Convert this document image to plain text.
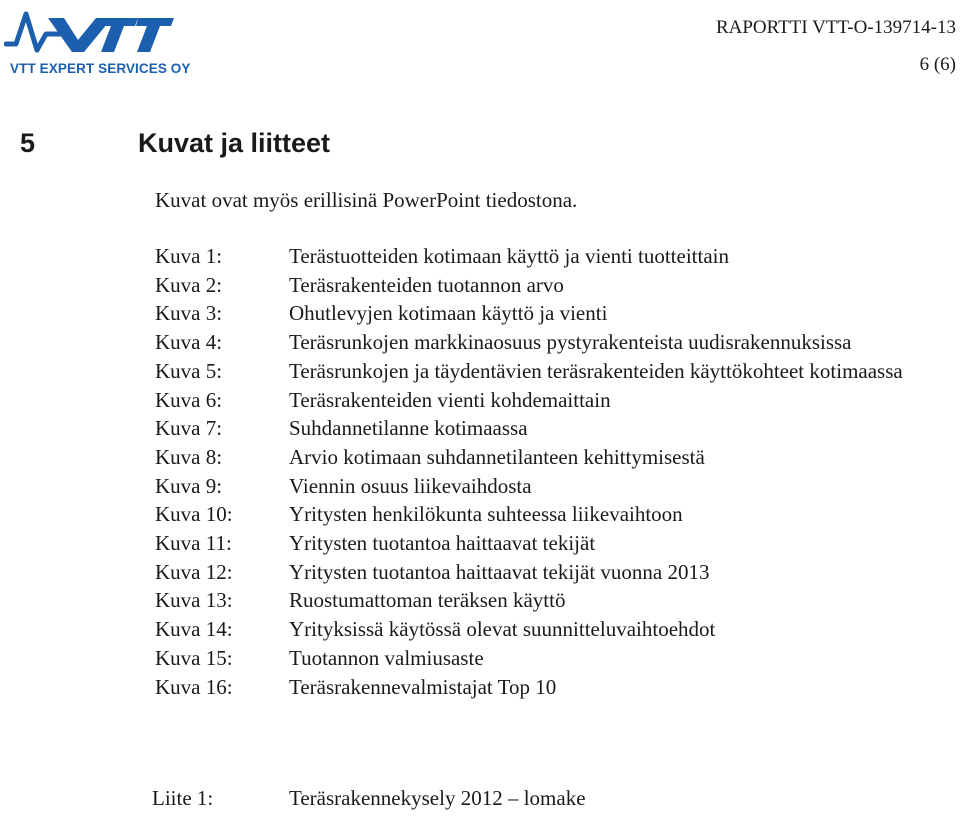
VTT EXPERT SERVICES OY
RAPORTTI VTT-O-139714-13
6 (6)
5	Kuvat ja liitteet
Kuvat ovat myös erillisinä PowerPoint tiedostona.
Kuva 1:	Terästuotteiden kotimaan käyttö ja vienti tuotteittain
Kuva 2:	Teräsrakenteiden tuotannon arvo
Kuva 3:	Ohutlevyjen kotimaan käyttö ja vienti
Kuva 4:	Teräsrunkojen markkinaosuus pystyrakenteista uudisrakennuksissa
Kuva 5:	Teräsrunkojen ja täydentävien teräsrakenteiden käyttökohteet kotimaassa
Kuva 6:	Teräsrakenteiden vienti kohdemaittain
Kuva 7:	Suhdannetilanne kotimaassa
Kuva 8:	Arvio kotimaan suhdannetilanteen kehittymisestä
Kuva 9:	Viennin osuus liikevaihdosta
Kuva 10:	Yritysten henkilökunta suhteessa liikevaihtoon
Kuva 11:	Yritysten tuotantoa haittaavat tekijät
Kuva 12:	Yritysten tuotantoa haittaavat tekijät vuonna 2013
Kuva 13:	Ruostumattoman teräksen käyttö
Kuva 14:	Yrityksissä käytössä olevat suunnitteluvaihtoehdot
Kuva 15:	Tuotannon valmiusaste
Kuva 16:	Teräsrakennevalmistajat Top 10
Liite 1:	Teräsrakennekysely 2012 – lomake
